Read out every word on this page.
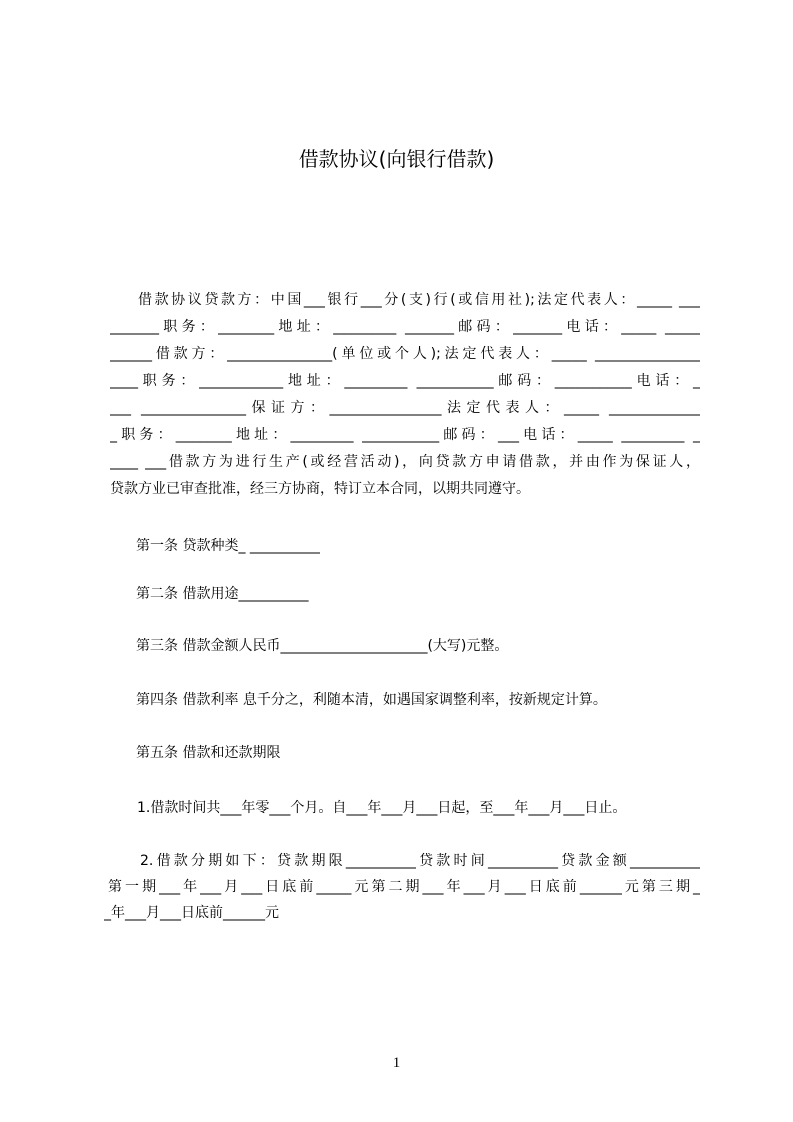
借款协议(向银行借款)
借款协议贷款方：中国___银行___分(支)行(或信用社);法定代表人：_____ ___
_______职务：________地址：_________ _______邮码：_______电话：_____ _____
______借款方：_______________(单位或个人);法定代表人：_____ _______________
____职务：____________地址：_________ ___________邮码：___________电话：_
___ _______________保证方：________________法定代表人：_____ _____________
_职务：________地址：_________ ___________邮码：___电话：_____ _________ _
____ ___借款方为进行生产(或经营活动)，向贷款方申请借款，并由作为保证人，
贷款方业已审查批准，经三方协商，特订立本合同，以期共同遵守。
第一条 贷款种类_ __________
第二条 借款用途__________
第三条 借款金额人民币_____________________(大写)元整。
第四条 借款利率 息千分之，利随本清，如遇国家调整利率，按新规定计算。
第五条 借款和还款期限
1.借款时间共___年零___个月。自___年___月___日起，至___年___月___日止。
2.借款分期如下：贷款期限__________贷款时间__________贷款金额__________
第一期___年___月___日底前_____元第二期___年___月___日底前______元第三期_
_年___月___日底前______元
1
